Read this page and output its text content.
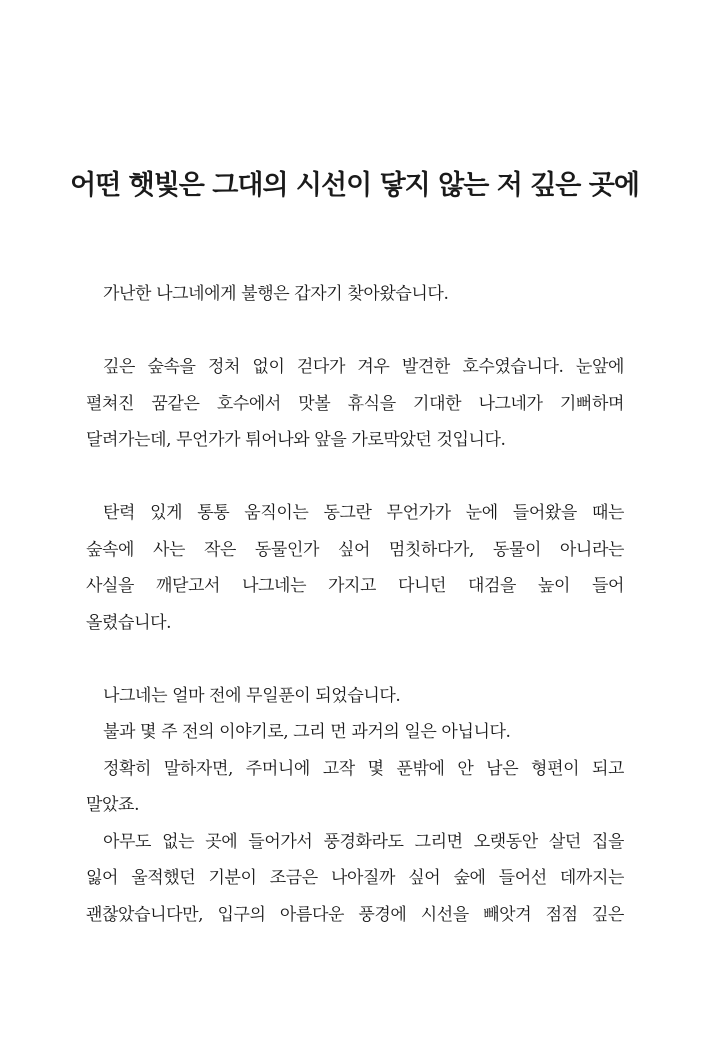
어떤 햇빛은 그대의 시선이 닿지 않는 저 깊은 곳에
가난한 나그네에게 불행은 갑자기 찾아왔습니다.
깊은 숲속을 정처 없이 걷다가 겨우 발견한 호수였습니다. 눈앞에
펼쳐진 꿈같은 호수에서 맛볼 휴식을 기대한 나그네가 기뻐하며
달려가는데, 무언가가 튀어나와 앞을 가로막았던 것입니다.
탄력 있게 통통 움직이는 동그란 무언가가 눈에 들어왔을 때는
숲속에 사는 작은 동물인가 싶어 멈칫하다가, 동물이 아니라는
사실을 깨닫고서 나그네는 가지고 다니던 대검을 높이 들어
올렸습니다.
나그네는 얼마 전에 무일푼이 되었습니다.
불과 몇 주 전의 이야기로, 그리 먼 과거의 일은 아닙니다.
정확히 말하자면, 주머니에 고작 몇 푼밖에 안 남은 형편이 되고
말았죠.
아무도 없는 곳에 들어가서 풍경화라도 그리면 오랫동안 살던 집을
잃어 울적했던 기분이 조금은 나아질까 싶어 숲에 들어선 데까지는
괜찮았습니다만, 입구의 아름다운 풍경에 시선을 빼앗겨 점점 깊은
